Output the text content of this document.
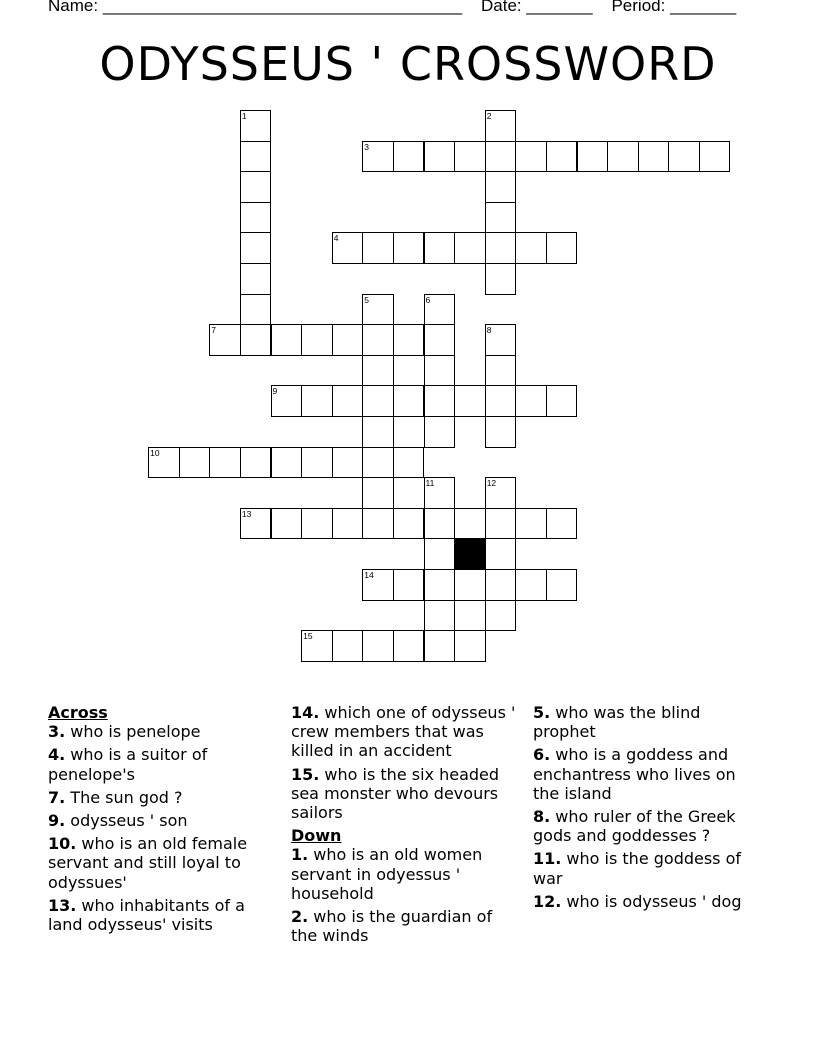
Name: ______________________________________ Date: _______ Period: _______
ODYSSEUS ' CROSSWORD
1	2
3
4
5	6
7	8
9
10
11	12
13
14
15
Across
3. who is penelope
4. who is a suitor of penelope's
7. The sun god ?
9. odysseus ' son
10. who is an old female servant and still loyal to odyssues'
13. who inhabitants of a land odysseus' visits
14. which one of odysseus ' crew members that was killed in an accident
15. who is the six headed sea monster who devours sailors
Down
1. who is an old women servant in odyessus ' household
2. who is the guardian of the winds
5. who was the blind prophet
6. who is a goddess and enchantress who lives on the island
8. who ruler of the Greek gods and goddesses ?
11. who is the goddess of war
12. who is odysseus ' dog
